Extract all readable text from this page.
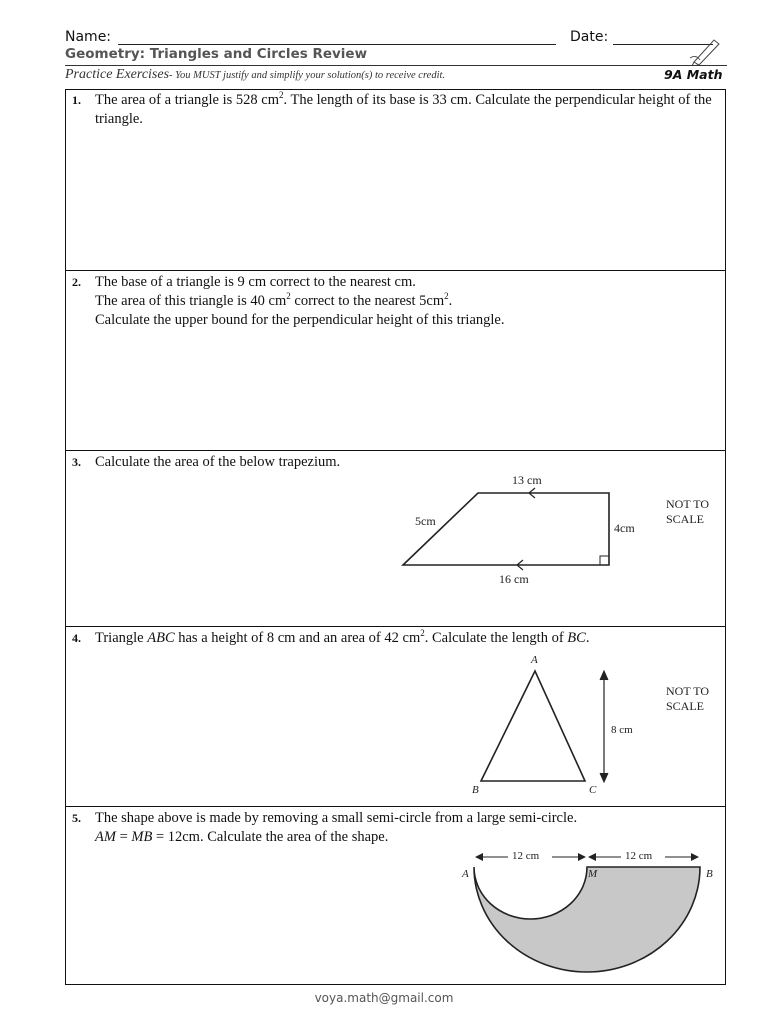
Name:	Date:
Geometry: Triangles and Circles Review
Practice Exercises- You MUST justify and simplify your solution(s) to receive credit.	9A Math
1. The area of a triangle is 528 $cm^2$. The length of its base is 33 cm. Calculate the perpendicular height of the triangle.
2. The base of a triangle is 9 cm correct to the nearest cm.
The area of this triangle is 40 $cm^2$ correct to the nearest $5cm^2$.
Calculate the upper bound for the perpendicular height of this triangle.
3. Calculate the area of the below trapezium.
13 cm
5cm	4cm
16 cm
NOT TO
SCALE
4. Triangle ABC has a height of 8 cm and an area of 42 $cm^2$. Calculate the length of BC.
A
B	C
8 cm
NOT TO
SCALE
5. The shape above is made by removing a small semi-circle from a large semi-circle.
AM = MB = 12cm. Calculate the area of the shape.
12 cm	12 cm
A	M	B
voya.math@gmail.com
